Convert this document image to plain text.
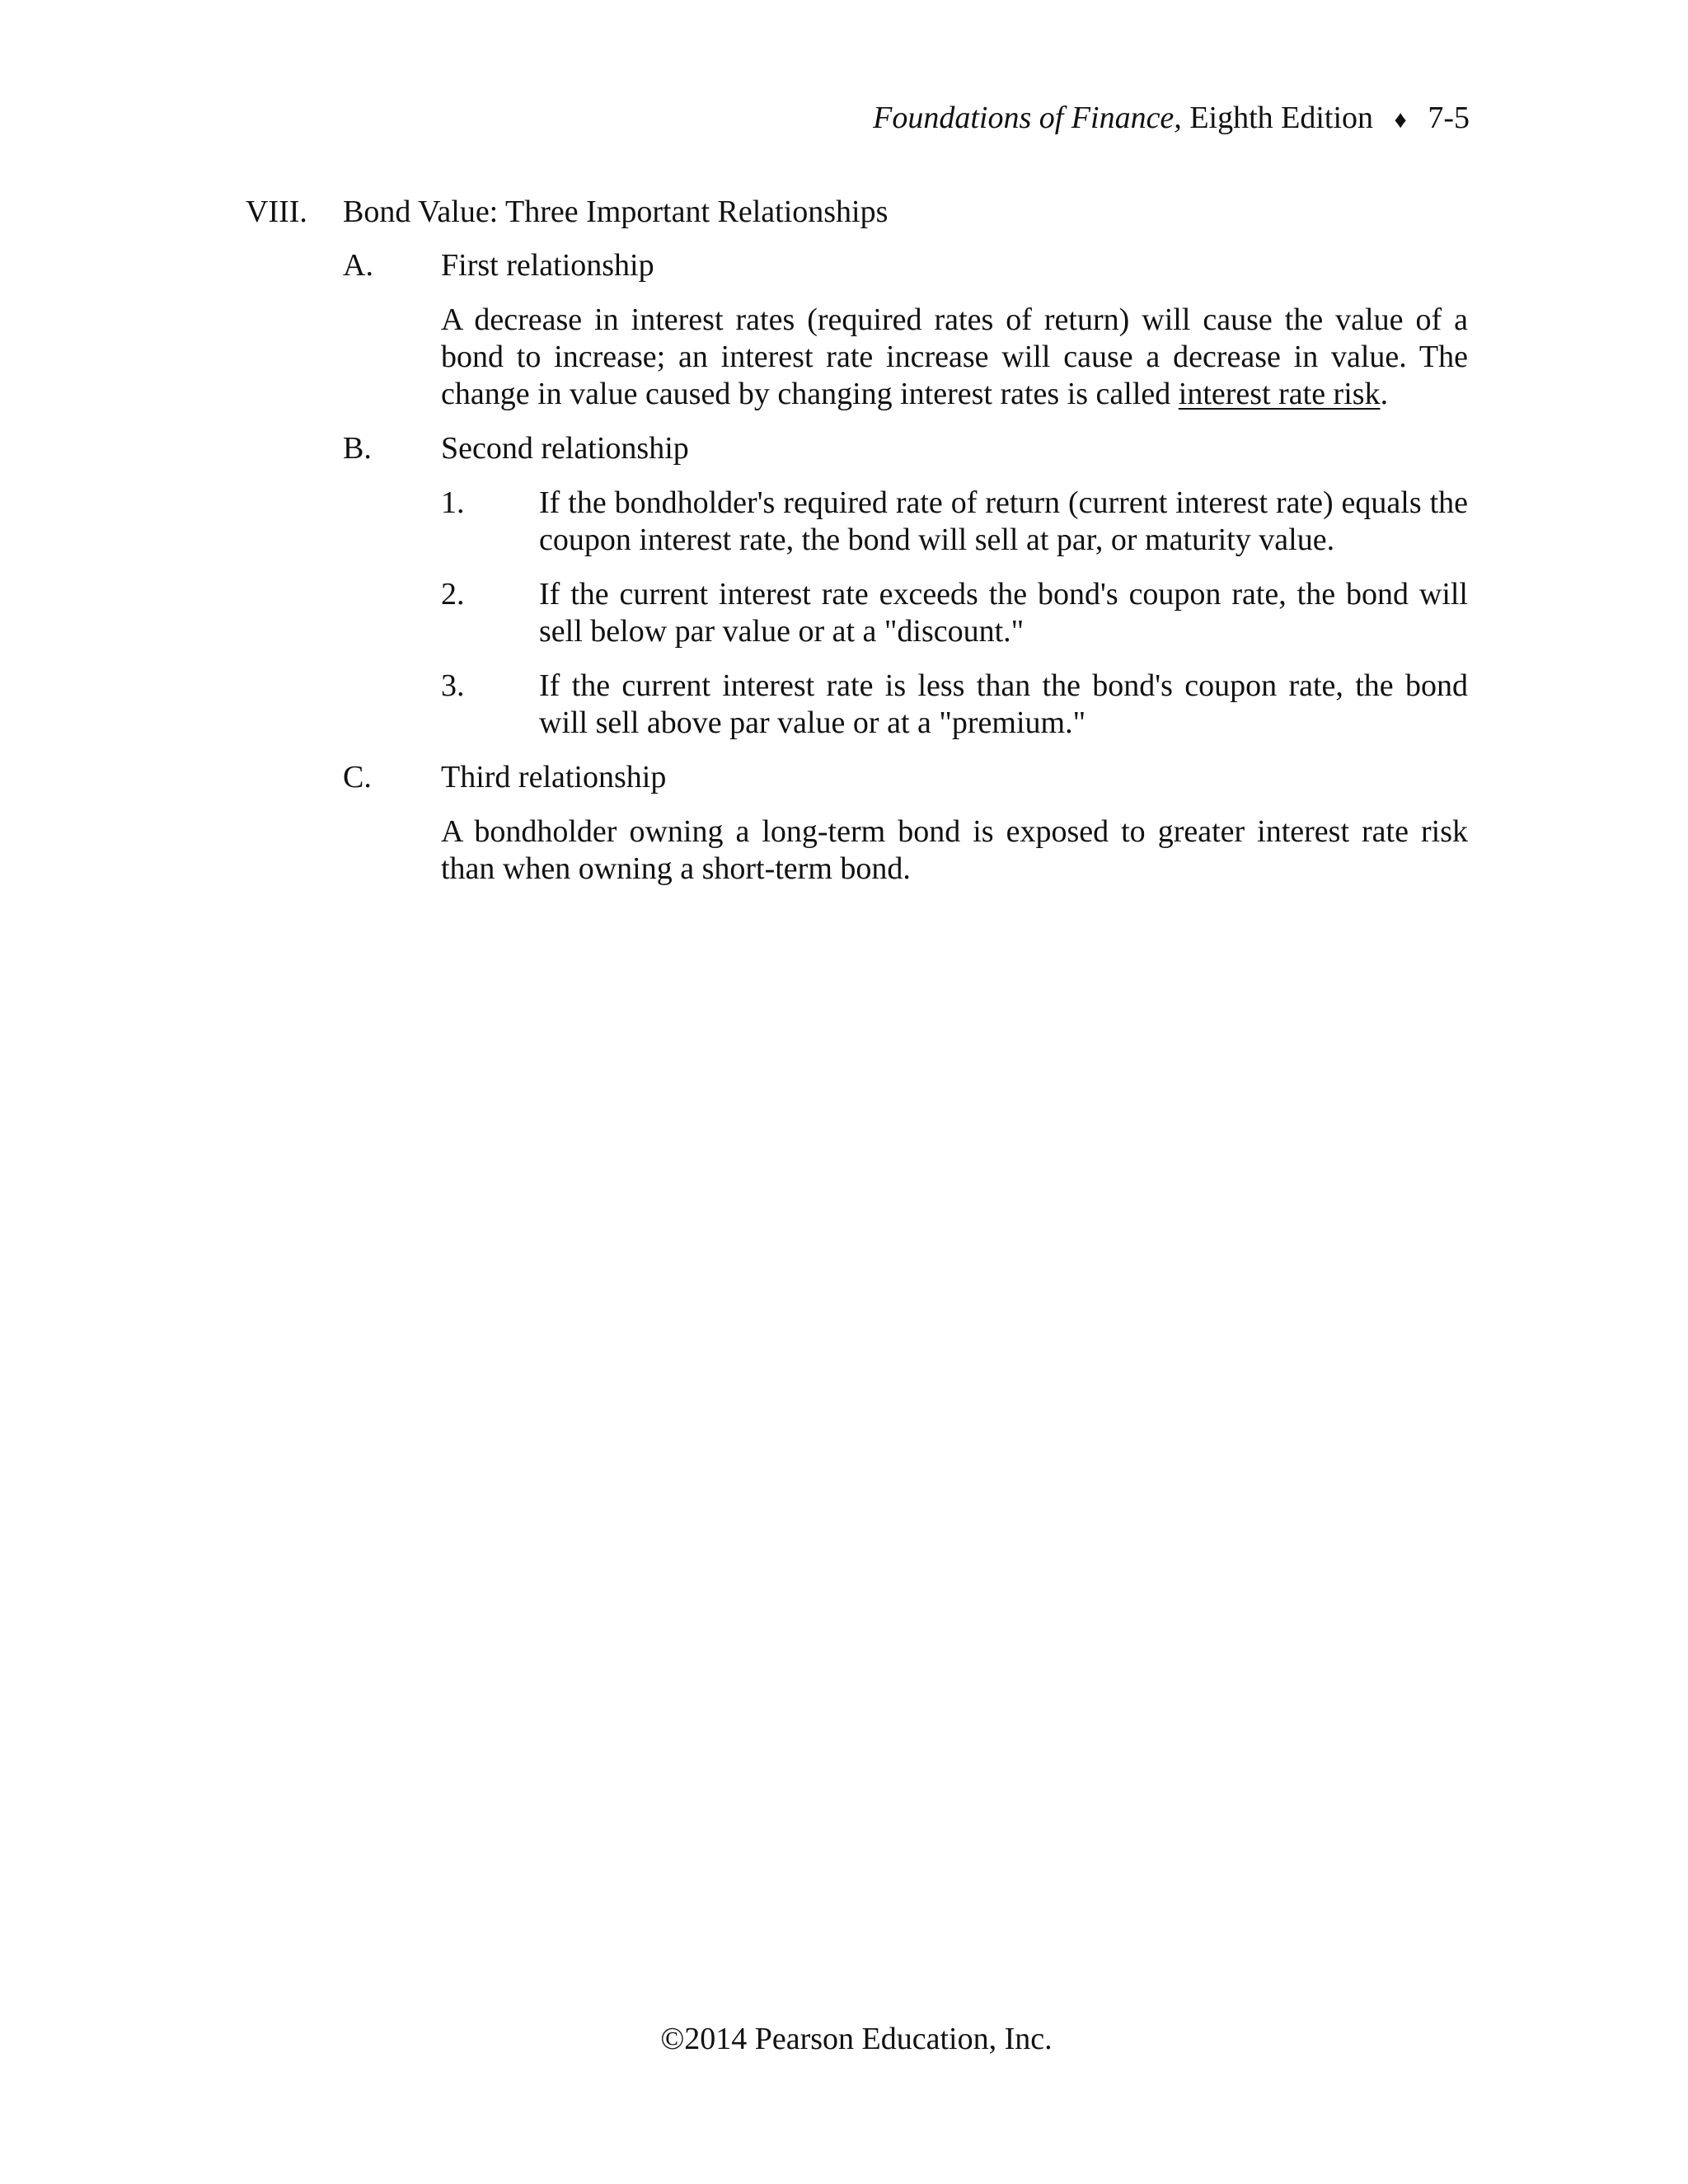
Foundations of Finance, Eighth Edition ♦ 7-5
VIII. Bond Value: Three Important Relationships
A. First relationship
A decrease in interest rates (required rates of return) will cause the value of a bond to increase; an interest rate increase will cause a decrease in value. The change in value caused by changing interest rates is called interest rate risk.
B. Second relationship
1. If the bondholder's required rate of return (current interest rate) equals the coupon interest rate, the bond will sell at par, or maturity value.
2. If the current interest rate exceeds the bond's coupon rate, the bond will sell below par value or at a "discount."
3. If the current interest rate is less than the bond's coupon rate, the bond will sell above par value or at a "premium."
C. Third relationship
A bondholder owning a long-term bond is exposed to greater interest rate risk than when owning a short-term bond.
©2014 Pearson Education, Inc.
